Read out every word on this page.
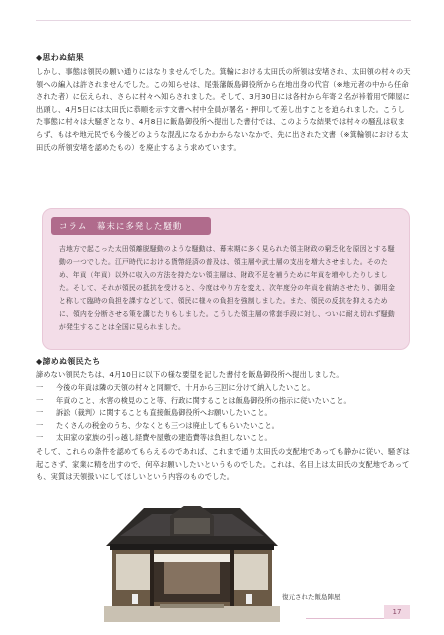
◆思わぬ結果

しかし、事態は領民の願い通りにはなりませんでした。箕輪における太田氏の所領は安堵され、太田領の村々の天領への編入は許されませんでした。この知らせは、尾張藩飯島御役所から在地出身の代官（※地元者の中から任命された者）に伝えられ、さらに村々へ知らされました。そして、3月30日には各村から年寄２名が裃着用で陣屋に出頭し、4月5日には太田氏に恭順を示す文書へ村中全員が署名・押印して差し出すことを迫られました。こうした事態に村々は大騒ぎとなり、4月8日に飯島御役所へ提出した書付では、このような結果では村々の騒乱は収まらず、もはや地元民でも今後どのような混乱になるかわからないなかで、先に出された文書（※箕輪領における太田氏の所領安堵を認めたもの）を廃止するよう求めています。

コラム　幕末に多発した騒動
吉地方で起こった太田領離脱騒動のような騒動は、幕末期に多く見られた領主財政の窮乏化を原因とする騒動の一つでした。江戸時代における貨幣経済の普及は、領主層や武士層の支出を増大させました。そのため、年貢（年貢）以外に収入の方法を持たない領主層は、財政不足を補うために年貢を増やしたりしました。そして、それが領民の抵抗を受けると、今度はやり方を変え、次年度分の年貢を前納させたり、御用金と称して臨時の負担を課すなどして、領民に様々の負担を強制しました。また、領民の反抗を抑えるために、領内を分断させる策を講じたりもしました。こうした領主層の常套手段に対し、ついに耐え切れず騒動が発生することは全国に見られました。
◆諦めぬ領民たち

諦めない領民たちは、4月10日に以下の様な要望を記した書付を飯島御役所へ提出しました。

一	今後の年貢は隣の天領の村々と同額で、十月から三回に分けて納入したいこと。
一	年貢のこと、水害の検見のこと等、行政に関することは飯島御役所の指示に従いたいこと。
一	訴訟（裁判）に関することも直接飯島御役所へお願いしたいこと。
一	たくさんの税金のうち、少なくとも三つは廃止してもらいたいこと。
一	太田家の家族の引っ越し経費や屋敷の建造費等は負担しないこと。

そして、これらの条件を認めてもらえるのであれば、これまで通り太田氏の支配地であっても静かに従い、騒ぎは起こさず、家業に精を出すので、何卒お願いしたいというものでした。これは、名目上は太田氏の支配地であっても、実質は天領扱いにしてほしいという内容のものでした。

復元された飯島陣屋
17
